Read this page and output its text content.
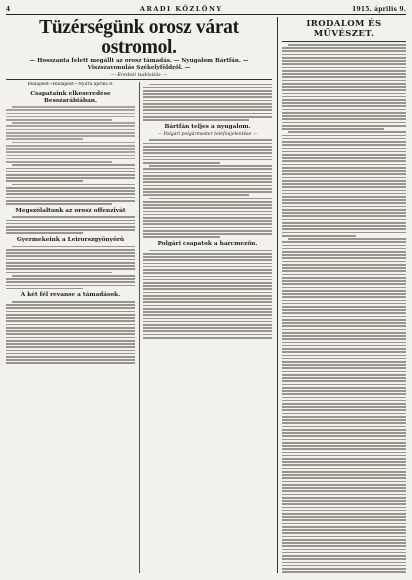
4	ARADI KÖZLÖNY	1915. április 9.
Tüzérségünk orosz várat ostromol.
— Hosszanta felett megállt az orosz támadás. — Nyugalom Bártfán. — Viszszavonulás Székelyföldről. —
— Eredeti tudósitás —
Budapest—Budapest—Nyitra április 8.
Csapataink elkeseredése Besszarábiában.
Megszólaltunk az orosz offenzivát
Gyermekeink a Leirorszgyönyörű
A két fél revanse a támadások.
Bártfán teljes a nyugalom.
— Polgári polgármester telefonjelentése —
Polgári csapatok a harcmezőn.
IRODALOM ÉS MŰVÉSZET.
